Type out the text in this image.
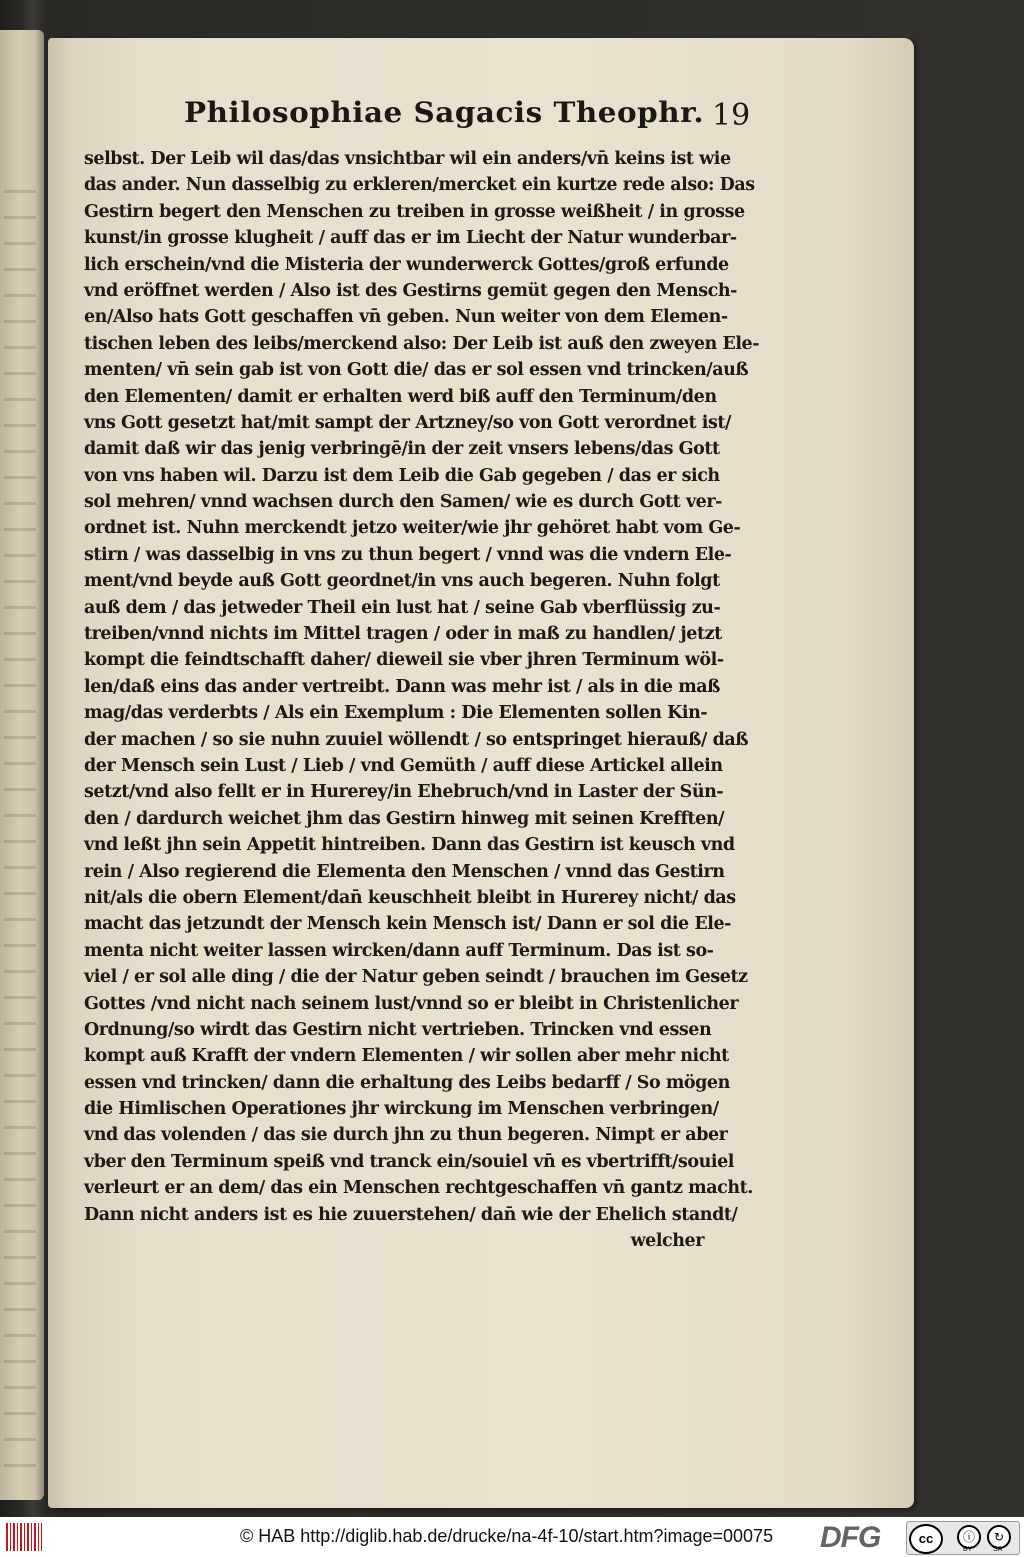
Philosophiae Sagacis Theophr. 19
selbst. Der Leib wil das/das vnsichtbar wil ein anders/vn̄ keins ist wie
das ander. Nun dasselbig zu erkleren/mercket ein kurtze rede also: Das
Gestirn begert den Menschen zu treiben in grosse weißheit / in grosse
kunst/in grosse klugheit / auff das er im Liecht der Natur wunderbar-
lich erschein/vnd die Misteria der wunderwerck Gottes/groß erfunde
vnd eröffnet werden / Also ist des Gestirns gemüt gegen den Mensch-
en/Also hats Gott geschaffen vn̄ geben. Nun weiter von dem Elemen-
tischen leben des leibs/merckend also: Der Leib ist auß den zweyen Ele-
menten/ vn̄ sein gab ist von Gott die/ das er sol essen vnd trincken/auß
den Elementen/ damit er erhalten werd biß auff den Terminum/den
vns Gott gesetzt hat/mit sampt der Artzney/so von Gott verordnet ist/
damit daß wir das jenig verbringē/in der zeit vnsers lebens/das Gott
von vns haben wil. Darzu ist dem Leib die Gab gegeben / das er sich
sol mehren/ vnnd wachsen durch den Samen/ wie es durch Gott ver-
ordnet ist. Nuhn merckendt jetzo weiter/wie jhr gehöret habt vom Ge-
stirn / was dasselbig in vns zu thun begert / vnnd was die vndern Ele-
ment/vnd beyde auß Gott geordnet/in vns auch begeren. Nuhn folgt
auß dem / das jetweder Theil ein lust hat / seine Gab vberflüssig zu-
treiben/vnnd nichts im Mittel tragen / oder in maß zu handlen/ jetzt
kompt die feindtschafft daher/ dieweil sie vber jhren Terminum wöl-
len/daß eins das ander vertreibt. Dann was mehr ist / als in die maß
mag/das verderbts / Als ein Exemplum : Die Elementen sollen Kin-
der machen / so sie nuhn zuuiel wöllendt / so entspringet hierauß/ daß
der Mensch sein Lust / Lieb / vnd Gemüth / auff diese Artickel allein
setzt/vnd also fellt er in Hurerey/in Ehebruch/vnd in Laster der Sün-
den / dardurch weichet jhm das Gestirn hinweg mit seinen Krefften/
vnd leßt jhn sein Appetit hintreiben. Dann das Gestirn ist keusch vnd
rein / Also regierend die Elementa den Menschen / vnnd das Gestirn
nit/als die obern Element/dan̄ keuschheit bleibt in Hurerey nicht/ das
macht das jetzundt der Mensch kein Mensch ist/ Dann er sol die Ele-
menta nicht weiter lassen wircken/dann auff Terminum. Das ist so-
viel / er sol alle ding / die der Natur geben seindt / brauchen im Gesetz
Gottes /vnd nicht nach seinem lust/vnnd so er bleibt in Christenlicher
Ordnung/so wirdt das Gestirn nicht vertrieben. Trincken vnd essen
kompt auß Krafft der vndern Elementen / wir sollen aber mehr nicht
essen vnd trincken/ dann die erhaltung des Leibs bedarff / So mögen
die Himlischen Operationes jhr wirckung im Menschen verbringen/
vnd das volenden / das sie durch jhn zu thun begeren. Nimpt er aber
vber den Terminum speiß vnd tranck ein/souiel vn̄ es vbertrifft/souiel
verleurt er an dem/ das ein Menschen rechtgeschaffen vn̄ gantz macht.
Dann nicht anders ist es hie zuuerstehen/ dan̄ wie der Ehelich standt/
welcher
© HAB http://diglib.hab.de/drucke/na-4f-10/start.htm?image=00075 DFG	cc	ⓘ	↻
BY	SA
